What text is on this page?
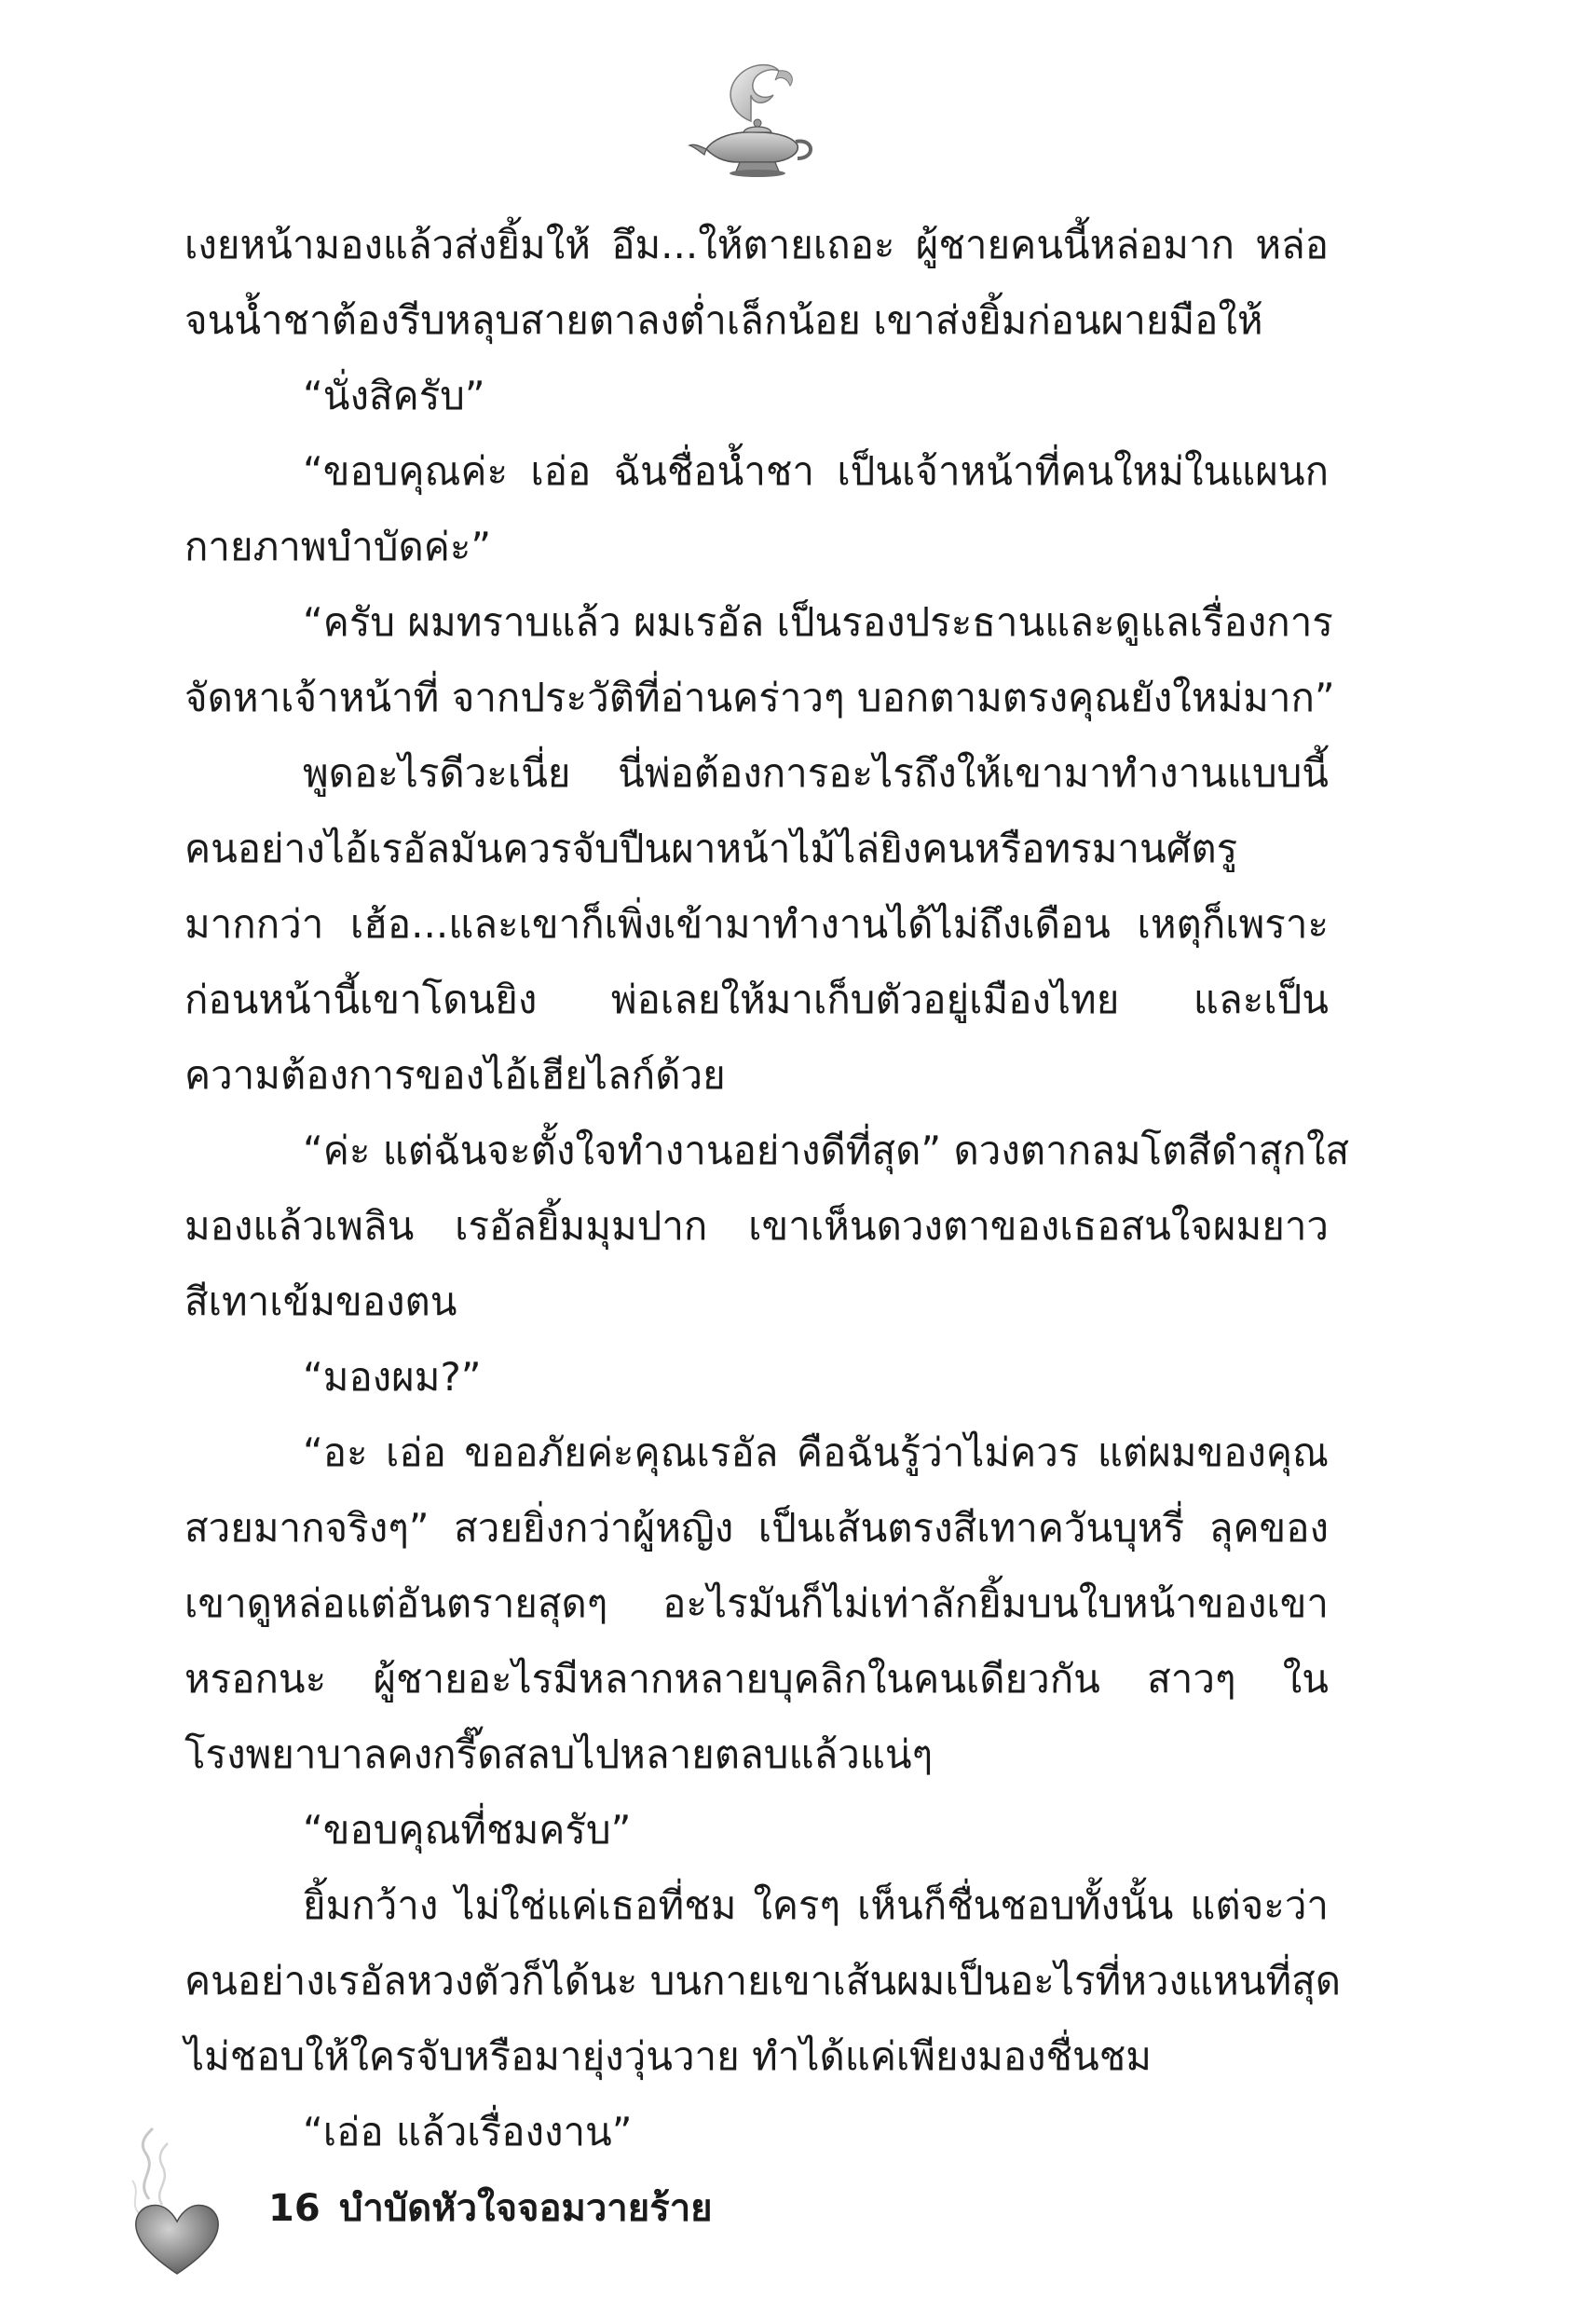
เงยหน้ามองแล้วส่งยิ้มให้ อึม...ให้ตายเถอะ ผู้ชายคนนี้หล่อมาก หล่อ
จนน้ำชาต้องรีบหลุบสายตาลงต่ำเล็กน้อย เขาส่งยิ้มก่อนผายมือให้
“นั่งสิครับ”
“ขอบคุณค่ะ เอ่อ ฉันชื่อน้ำชา เป็นเจ้าหน้าที่คนใหม่ในแผนก
กายภาพบำบัดค่ะ”
“ครับ ผมทราบแล้ว ผมเรอัล เป็นรองประธานและดูแลเรื่องการ
จัดหาเจ้าหน้าที่ จากประวัติที่อ่านคร่าวๆ บอกตามตรงคุณยังใหม่มาก”
พูดอะไรดีวะเนี่ย นี่พ่อต้องการอะไรถึงให้เขามาทำงานแบบนี้
คนอย่างไอ้เรอัลมันควรจับปืนผาหน้าไม้ไล่ยิงคนหรือทรมานศัตรู
มากกว่า เฮ้อ...และเขาก็เพิ่งเข้ามาทำงานได้ไม่ถึงเดือน เหตุก็เพราะ
ก่อนหน้านี้เขาโดนยิง พ่อเลยให้มาเก็บตัวอยู่เมืองไทย และเป็น
ความต้องการของไอ้เฮียไลก์ด้วย
“ค่ะ แต่ฉันจะตั้งใจทำงานอย่างดีที่สุด” ดวงตากลมโตสีดำสุกใส
มองแล้วเพลิน เรอัลยิ้มมุมปาก เขาเห็นดวงตาของเธอสนใจผมยาว
สีเทาเข้มของตน
“มองผม?”
“อะ เอ่อ ขออภัยค่ะคุณเรอัล คือฉันรู้ว่าไม่ควร แต่ผมของคุณ
สวยมากจริงๆ” สวยยิ่งกว่าผู้หญิง เป็นเส้นตรงสีเทาควันบุหรี่ ลุคของ
เขาดูหล่อแต่อันตรายสุดๆ อะไรมันก็ไม่เท่าลักยิ้มบนใบหน้าของเขา
หรอกนะ ผู้ชายอะไรมีหลากหลายบุคลิกในคนเดียวกัน สาวๆ ใน
โรงพยาบาลคงกรี๊ดสลบไปหลายตลบแล้วแน่ๆ
“ขอบคุณที่ชมครับ”
ยิ้มกว้าง ไม่ใช่แค่เธอที่ชม ใครๆ เห็นก็ชื่นชอบทั้งนั้น แต่จะว่า
คนอย่างเรอัลหวงตัวก็ได้นะ บนกายเขาเส้นผมเป็นอะไรที่หวงแหนที่สุด
ไม่ชอบให้ใครจับหรือมายุ่งวุ่นวาย ทำได้แค่เพียงมองชื่นชม
“เอ่อ แล้วเรื่องงาน”
16 บำบัดหัวใจจอมวายร้าย
